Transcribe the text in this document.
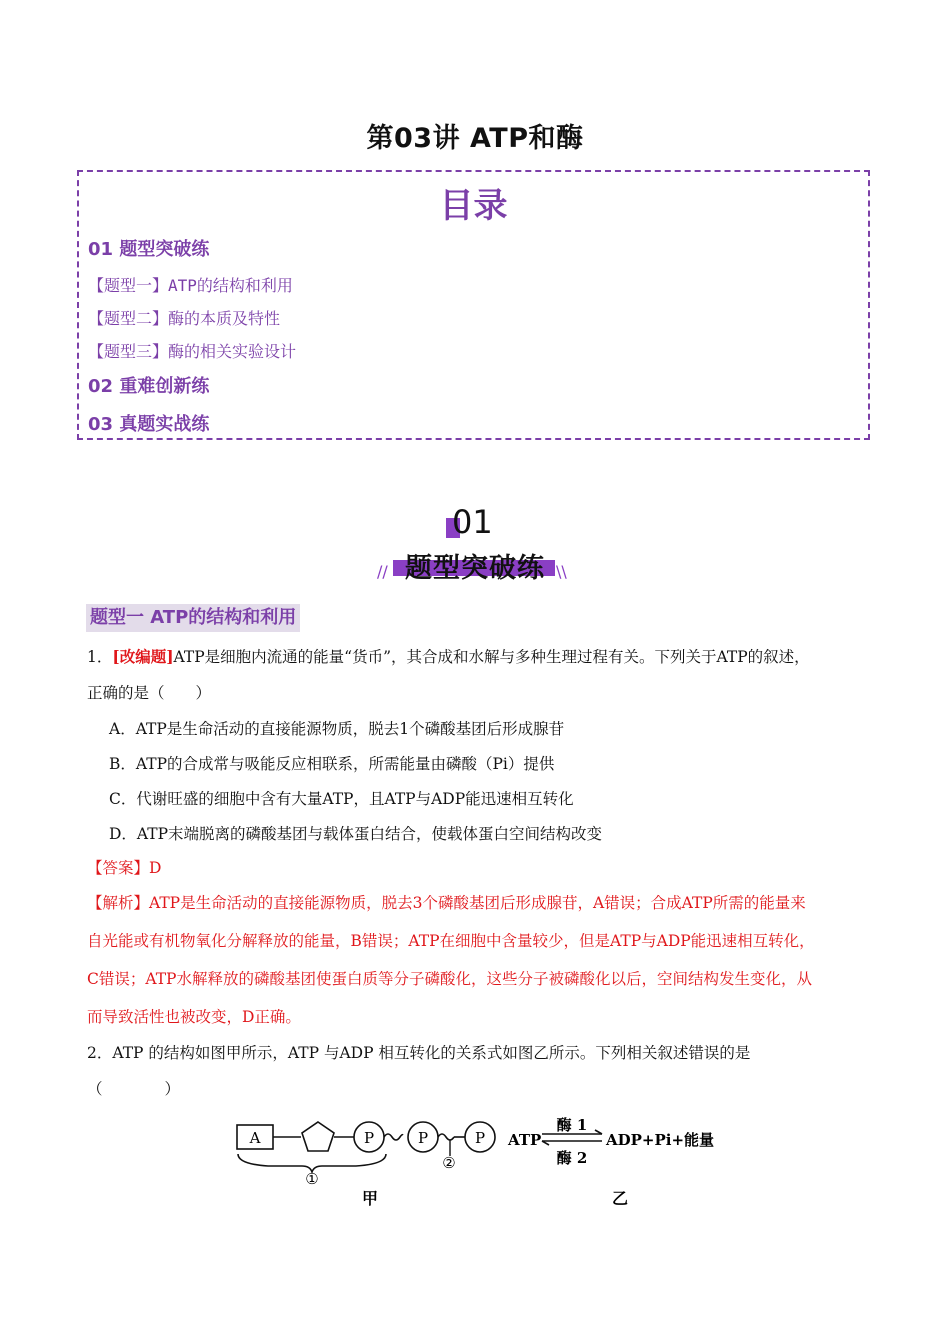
第03讲 ATP和酶
目录
01 题型突破练
【题型一】ATP的结构和利用
【题型二】酶的本质及特性
【题型三】酶的相关实验设计
02 重难创新练
03 真题实战练
01
题型突破练
//	\\
题型一 ATP的结构和利用
1．[改编题]ATP是细胞内流通的能量“货币”，其合成和水解与多种生理过程有关。下列关于ATP的叙述，
正确的是（　　）
A．ATP是生命活动的直接能源物质，脱去1个磷酸基团后形成腺苷
B．ATP的合成常与吸能反应相联系，所需能量由磷酸（Pi）提供
C．代谢旺盛的细胞中含有大量ATP，且ATP与ADP能迅速相互转化
D．ATP末端脱离的磷酸基团与载体蛋白结合，使载体蛋白空间结构改变
【答案】D
【解析】ATP是生命活动的直接能源物质，脱去3个磷酸基团后形成腺苷，A错误；合成ATP所需的能量来
自光能或有机物氧化分解释放的能量，B错误；ATP在细胞中含量较少，但是ATP与ADP能迅速相互转化，
C错误；ATP水解释放的磷酸基团使蛋白质等分子磷酸化，这些分子被磷酸化以后，空间结构发生变化，从
而导致活性也被改变，D正确。
2．ATP 的结构如图甲所示，ATP 与ADP 相互转化的关系式如图乙所示。下列相关叙述错误的是
（　　　　）
A	P	P	P
①
②
甲
ATP
酶 1
酶 2
ADP+Pi+能量
乙
